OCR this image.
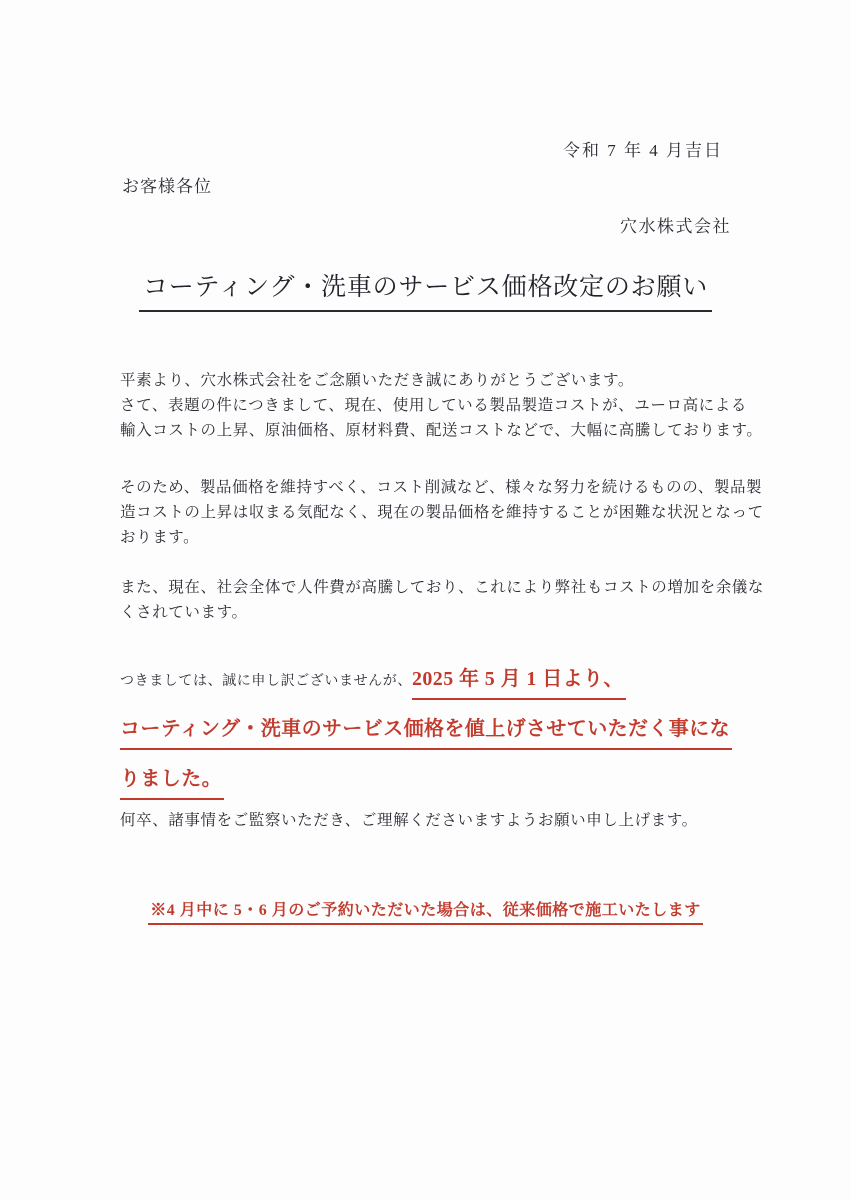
令和 7 年 4 月吉日
お客様各位
穴水株式会社
コーティング・洗車のサービス価格改定のお願い
平素より、穴水株式会社をご念願いただき誠にありがとうございます。
さて、表題の件につきまして、現在、使用している製品製造コストが、ユーロ高による
輸入コストの上昇、原油価格、原材料費、配送コストなどで、大幅に高騰しております。
そのため、製品価格を維持すべく、コスト削減など、様々な努力を続けるものの、製品製
造コストの上昇は収まる気配なく、現在の製品価格を維持することが困難な状況となって
おります。
また、現在、社会全体で人件費が高騰しており、これにより弊社もコストの増加を余儀な
くされています。
つきましては、誠に申し訳ございませんが、2025 年 5 月 1 日より、
コーティング・洗車のサービス価格を値上げさせていただく事にな
りました。
何卒、諸事情をご監察いただき、ご理解くださいますようお願い申し上げます。
※4 月中に 5・6 月のご予約いただいた場合は、従来価格で施工いたします
